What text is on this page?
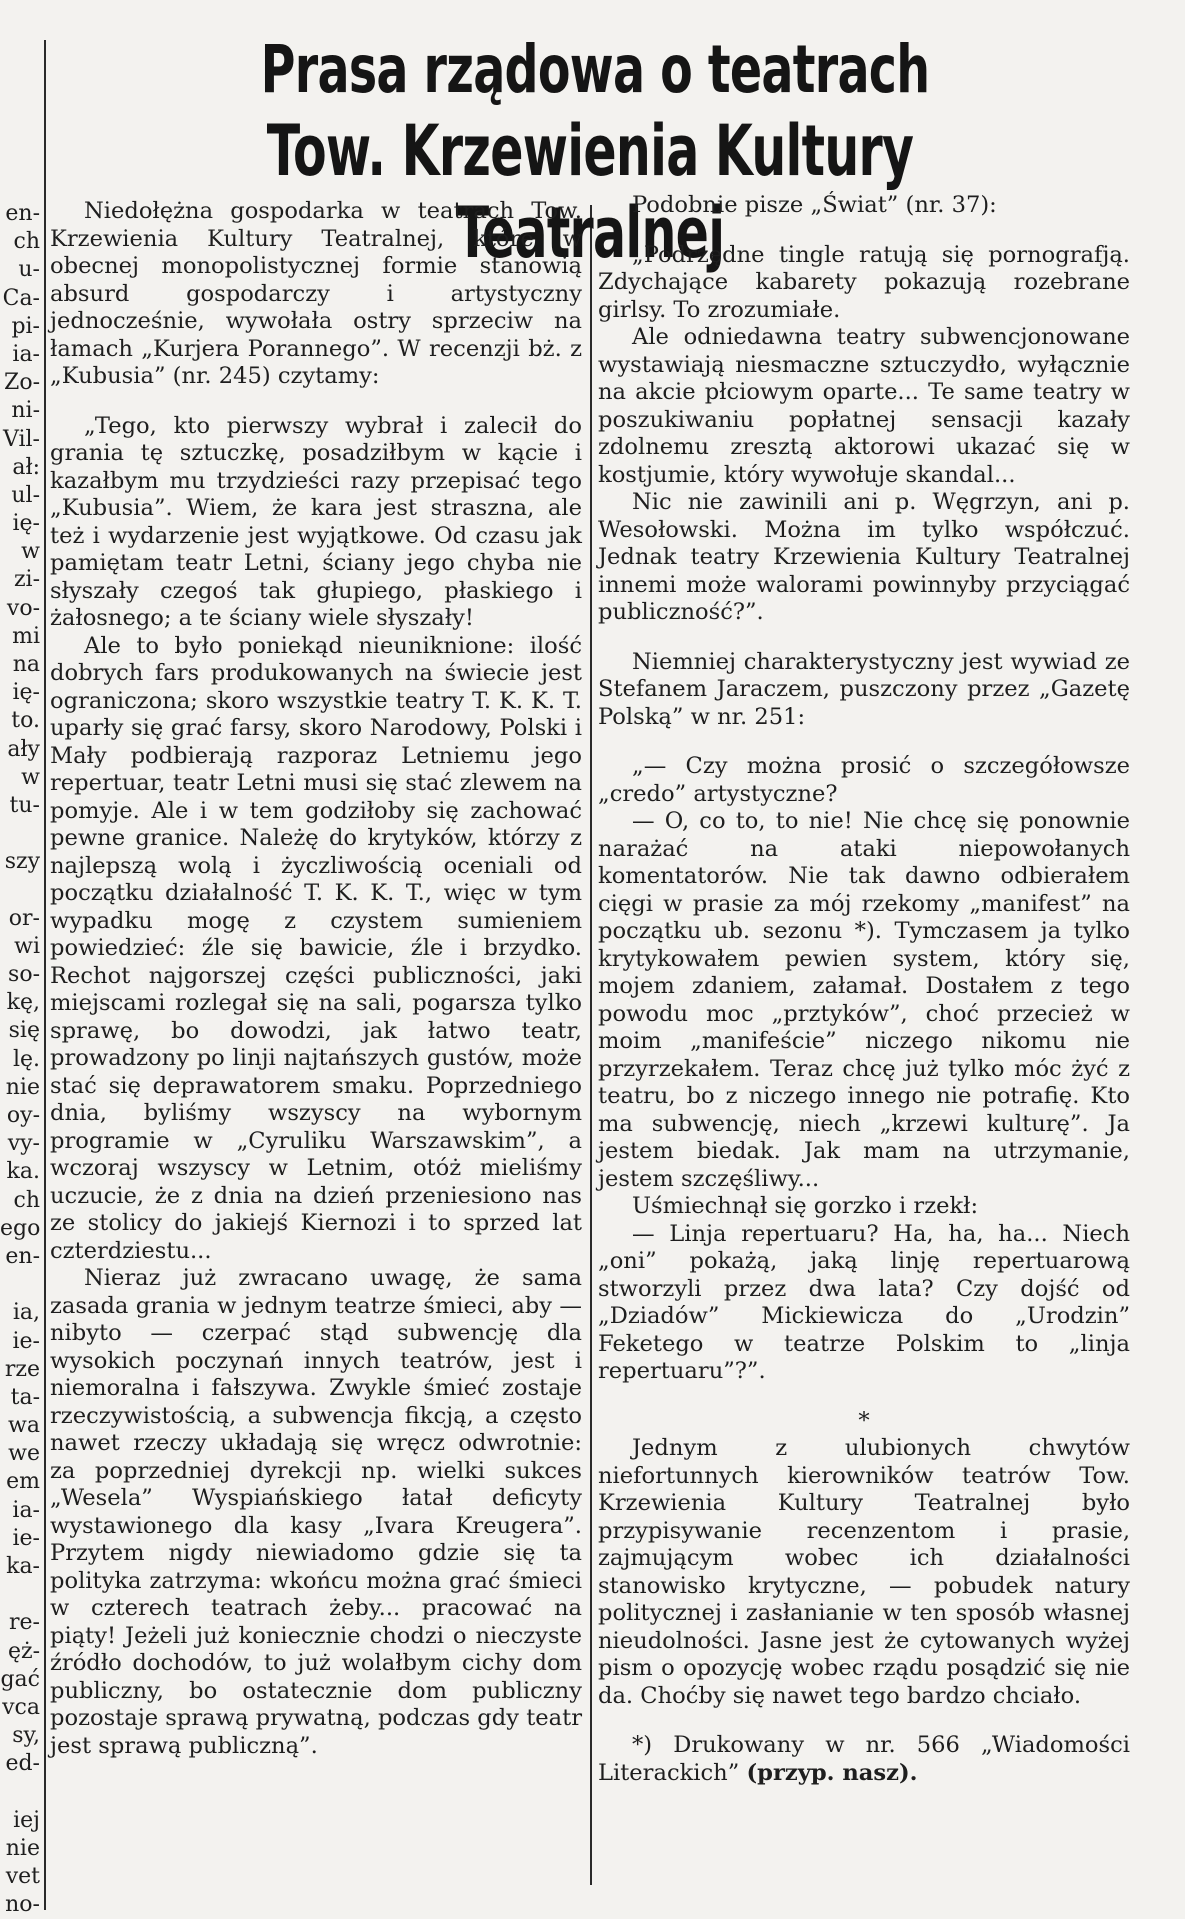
en-
ch
u-
Ca-
pi-
ia-
Zo-
ni-
Vil-
ał:
ul-
ię-
w
zi-
vo-
mi
na
ię-
to.
ały
w
tu-
szy
or-
wi
so-
kę,
się
lę.
nie
oy-
vy-
ka.
ch
ego
en-
ia,
ie-
rze
ta-
wa
we
em
ia-
ie-
ka-
re-
ęż-
gać
vca
sy,
ed-
iej
nie
vet
no-
Prasa rządowa o teatrach
Tow. Krzewienia Kultury Teatralnej

Niedołężna gospodarka w teatrach Tow. Krzewienia Kultury Teatralnej, które w obecnej monopolistycznej formie stanowią absurd gospodarczy i artystyczny jednocześnie, wywołała ostry sprzeciw na łamach „Kurjera Porannego”. W recenzji bż. z „Kubusia” (nr. 245) czytamy:

„Tego, kto pierwszy wybrał i zalecił do grania tę sztuczkę, posadziłbym w kącie i kazałbym mu trzydzieści razy przepisać tego „Kubusia”. Wiem, że kara jest straszna, ale też i wydarzenie jest wyjątkowe. Od czasu jak pamiętam teatr Letni, ściany jego chyba nie słyszały czegoś tak głupiego, płaskiego i żałosnego; a te ściany wiele słyszały!

Ale to było poniekąd nieuniknione: ilość dobrych fars produkowanych na świecie jest ograniczona; skoro wszystkie teatry T. K. K. T. uparły się grać farsy, skoro Narodowy, Polski i Mały podbierają razporaz Letniemu jego repertuar, teatr Letni musi się stać zlewem na pomyje. Ale i w tem godziłoby się zachować pewne granice. Należę do krytyków, którzy z najlepszą wolą i życzliwością oceniali od początku działalność T. K. K. T., więc w tym wypadku mogę z czystem sumieniem powiedzieć: źle się bawicie, źle i brzydko. Rechot najgorszej części publiczności, jaki miejscami rozlegał się na sali, pogarsza tylko sprawę, bo dowodzi, jak łatwo teatr, prowadzony po linji najtańszych gustów, może stać się deprawatorem smaku. Poprzedniego dnia, byliśmy wszyscy na wybornym programie w „Cyruliku Warszawskim”, a wczoraj wszyscy w Letnim, otóż mieliśmy uczucie, że z dnia na dzień przeniesiono nas ze stolicy do jakiejś Kiernozi i to sprzed lat czterdziestu...

Nieraz już zwracano uwagę, że sama zasada grania w jednym teatrze śmieci, aby — nibyto — czerpać stąd subwencję dla wysokich poczynań innych teatrów, jest i niemoralna i fałszywa. Zwykle śmieć zostaje rzeczywistością, a subwencja fikcją, a często nawet rzeczy układają się wręcz odwrotnie: za poprzedniej dyrekcji np. wielki sukces „Wesela” Wyspiańskiego łatał deficyty wystawionego dla kasy „Ivara Kreugera”. Przytem nigdy niewiadomo gdzie się ta polityka zatrzyma: wkońcu można grać śmieci w czterech teatrach żeby... pracować na piąty! Jeżeli już koniecznie chodzi o nieczyste źródło dochodów, to już wolałbym cichy dom publiczny, bo ostatecznie dom publiczny pozostaje sprawą prywatną, podczas gdy teatr jest sprawą publiczną”.

Podobnie pisze „Świat” (nr. 37):

„Podrzędne tingle ratują się pornografją. Zdychające kabarety pokazują rozebrane girlsy. To zrozumiałe.

Ale odniedawna teatry subwencjonowane wystawiają niesmaczne sztuczydło, wyłącznie na akcie płciowym oparte... Te same teatry w poszukiwaniu popłatnej sensacji kazały zdolnemu zresztą aktorowi ukazać się w kostjumie, który wywołuje skandal...

Nic nie zawinili ani p. Węgrzyn, ani p. Wesołowski. Można im tylko współczuć. Jednak teatry Krzewienia Kultury Teatralnej innemi może walorami powinnyby przyciągać publiczność?”.

Niemniej charakterystyczny jest wywiad ze Stefanem Jaraczem, puszczony przez „Gazetę Polską” w nr. 251:

„— Czy można prosić o szczegółowsze „credo” artystyczne?

— O, co to, to nie! Nie chcę się ponownie narażać na ataki niepowołanych komentatorów. Nie tak dawno odbierałem cięgi w prasie za mój rzekomy „manifest” na początku ub. sezonu *). Tymczasem ja tylko krytykowałem pewien system, który się, mojem zdaniem, załamał. Dostałem z tego powodu moc „prztyków”, choć przecież w moim „manifeście” niczego nikomu nie przyrzekałem. Teraz chcę już tylko móc żyć z teatru, bo z niczego innego nie potrafię. Kto ma subwencję, niech „krzewi kulturę”. Ja jestem biedak. Jak mam na utrzymanie, jestem szczęśliwy...

Uśmiechnął się gorzko i rzekł:

— Linja repertuaru? Ha, ha, ha... Niech „oni” pokażą, jaką linję repertuarową stworzyli przez dwa lata? Czy dojść od „Dziadów” Mickiewicza do „Urodzin” Feketego w teatrze Polskim to „linja repertuaru”?”.

*

Jednym z ulubionych chwytów niefortunnych kierowników teatrów Tow. Krzewienia Kultury Teatralnej było przypisywanie recenzentom i prasie, zajmującym wobec ich działalności stanowisko krytyczne, — pobudek natury politycznej i zasłanianie w ten sposób własnej nieudolności. Jasne jest że cytowanych wyżej pism o opozycję wobec rządu posądzić się nie da. Choćby się nawet tego bardzo chciało.

*) Drukowany w nr. 566 „Wiadomości Literackich” (przyp. nasz).
